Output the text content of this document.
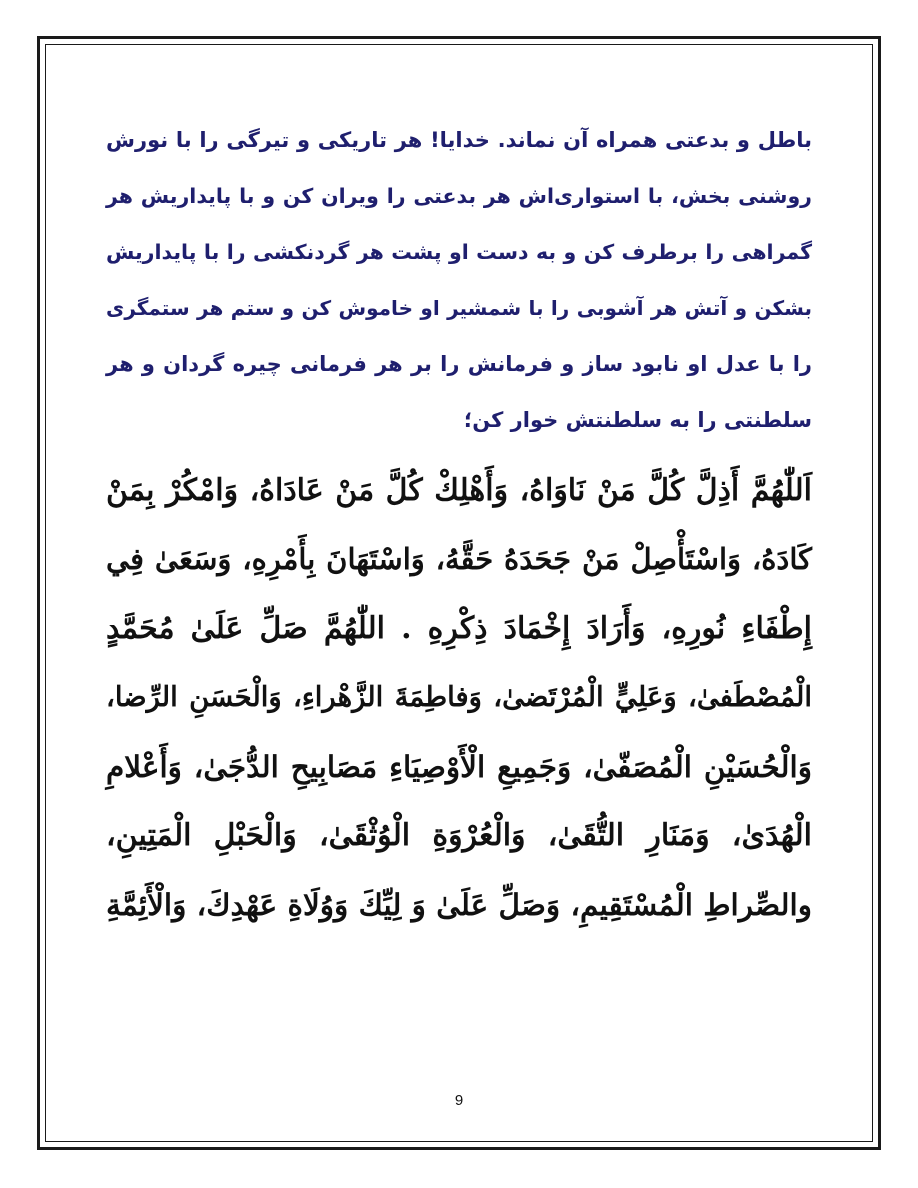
باطل و بدعتی همراه آن نماند. خدایا! هر تاریکی و تیرگی را با نورش
روشنی بخش، با استواری‌اش هر بدعتی را ویران کن و با پایداریش هر
گمراهی را برطرف کن و به دست او پشت هر گردنکشی را با پایداریش
بشکن و آتش هر آشوبی را با شمشیر او خاموش کن و ستم هر ستمگری
را با عدل او نابود ساز و فرمانش را بر هر فرمانی چیره گردان و هر
سلطنتی را به سلطنتش خوار کن؛
اَللّٰهُمَّ أَذِلَّ كُلَّ مَنْ نَاوَاهُ، وَأَهْلِكْ كُلَّ مَنْ عَادَاهُ، وَامْكُرْ بِمَنْ
كَادَهُ، وَاسْتَأْصِلْ مَنْ جَحَدَهُ حَقَّهُ، وَاسْتَهَانَ بِأَمْرِهِ، وَسَعَىٰ فِي
إِطْفَاءِ نُورِهِ، وَأَرَادَ إِخْمَادَ ذِكْرِهِ . اللّٰهُمَّ صَلِّ عَلَىٰ مُحَمَّدٍ
الْمُصْطَفىٰ، وَعَلِيٍّ الْمُرْتَضىٰ، وَفاطِمَةَ الزَّهْراءِ، وَالْحَسَنِ الرِّضا،
وَالْحُسَيْنِ الْمُصَفّىٰ، وَجَمِيعِ الْأَوْصِيَاءِ مَصَابِيحِ الدُّجَىٰ، وَأَعْلامِ
الْهُدَىٰ، وَمَنَارِ التُّقَىٰ، وَالْعُرْوَةِ الْوُثْقَىٰ، وَالْحَبْلِ الْمَتِينِ،
والصِّراطِ الْمُسْتَقِيمِ، وَصَلِّ عَلَىٰ وَ لِيِّكَ وَوُلَاةِ عَهْدِكَ، وَالْأَئِمَّةِ
9
